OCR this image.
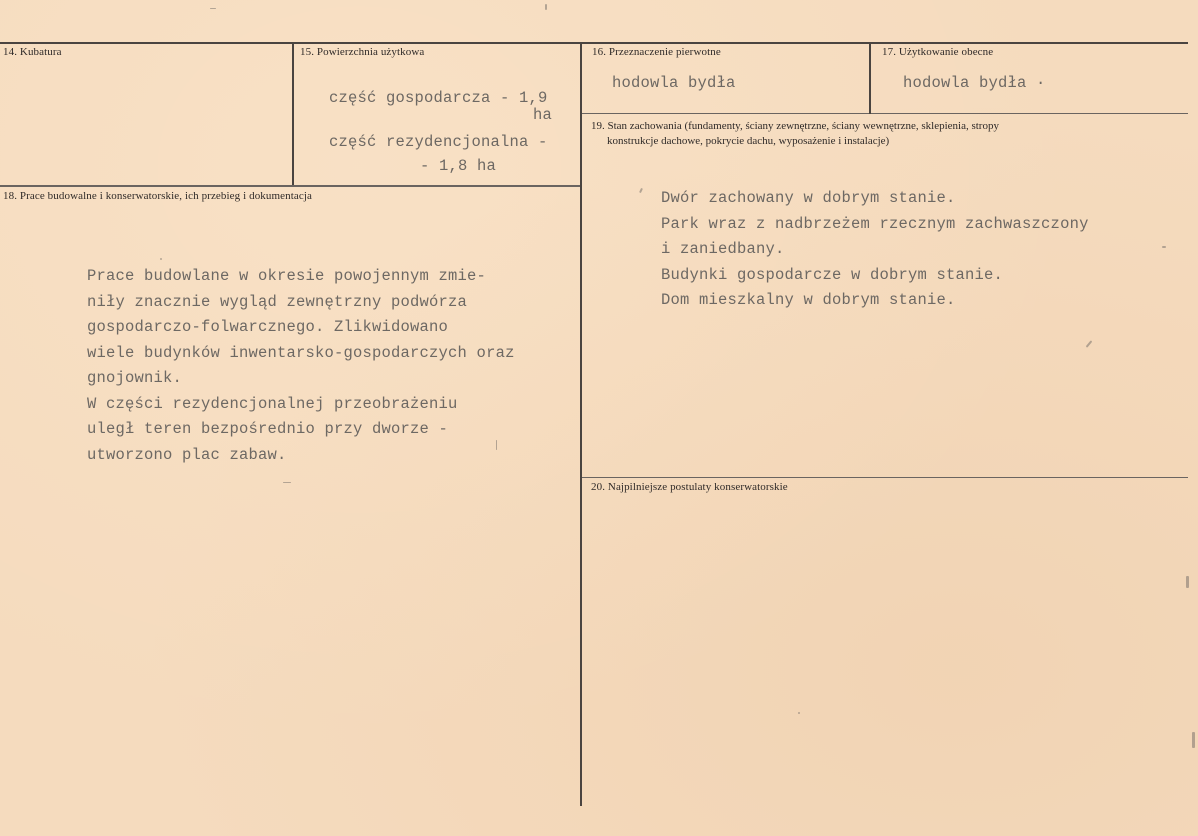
14. Kubatura	15. Powierzchnia użytkowa
część gospodarcza - 1,9
ha
część rezydencjonalna -
- 1,8 ha
16. Przeznaczenie pierwotne
hodowla bydła
17. Użytkowanie obecne
hodowla bydła ·
18. Prace budowalne i konserwatorskie, ich przebieg i dokumentacja
Prace budowlane w okresie powojennym zmie-
niły znacznie wygląd zewnętrzny podwórza
gospodarczo-folwarcznego. Zlikwidowano
wiele budynków inwentarsko-gospodarczych oraz
gnojownik.
W części rezydencjonalnej przeobrażeniu
uległ teren bezpośrednio przy dworze -
utworzono plac zabaw.
19. Stan zachowania (fundamenty, ściany zewnętrzne, ściany wewnętrzne, sklepienia, stropy
konstrukcje dachowe, pokrycie dachu, wyposażenie i instalacje)
Dwór zachowany w dobrym stanie.
Park wraz z nadbrzeżem rzecznym zachwaszczony
i zaniedbany.
Budynki gospodarcze w dobrym stanie.
Dom mieszkalny w dobrym stanie.
20. Najpilniejsze postulaty konserwatorskie
